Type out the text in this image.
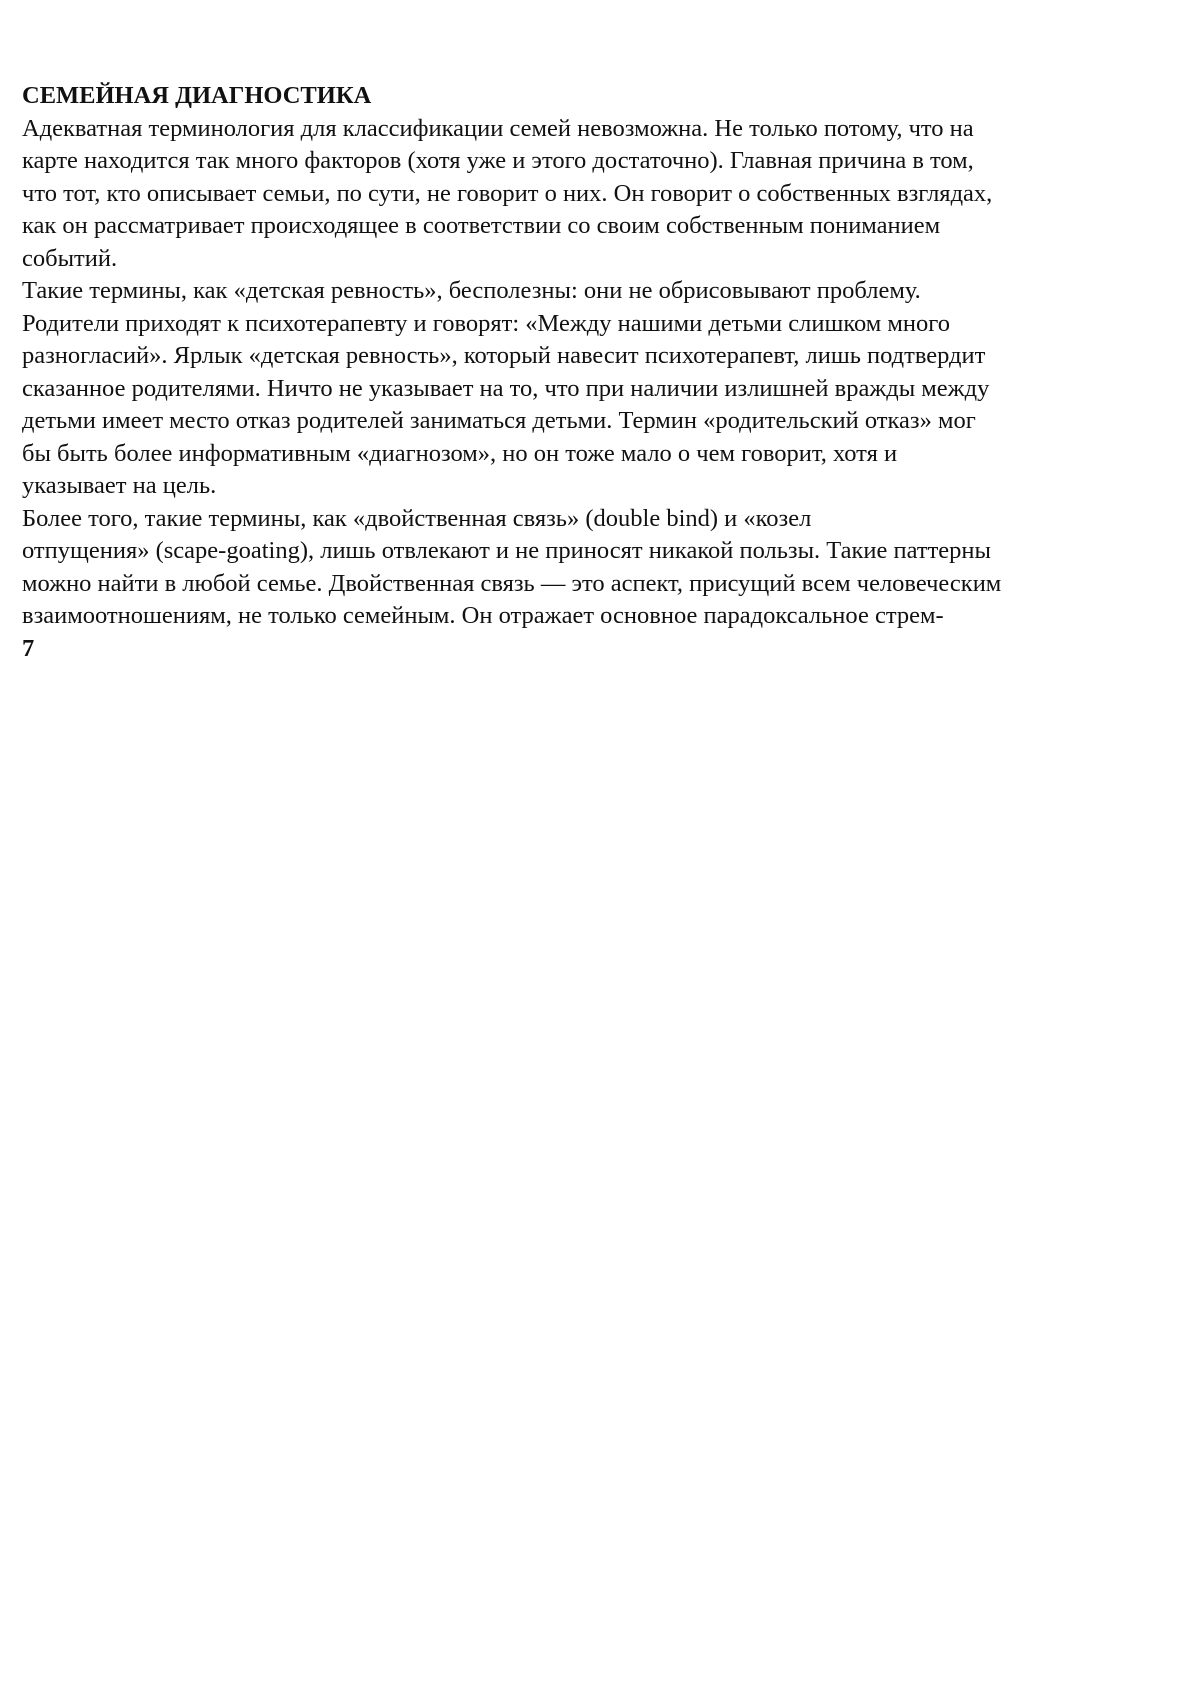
СЕМЕЙНАЯ ДИАГНОСТИКА
Адекватная терминология для классификации семей невозможна. Не только потому, что на
карте находится так много факторов (хотя уже и этого достаточно). Главная причина в том,
что тот, кто описывает семьи, по сути, не говорит о них. Он говорит о собственных взглядах,
как он рассматривает происходящее в соответствии со своим собственным пониманием
событий.
Такие термины, как «детская ревность», бесполезны: они не обрисовывают проблему.
Родители приходят к психотерапевту и говорят: «Между нашими детьми слишком много
разногласий». Ярлык «детская ревность», который навесит психотерапевт, лишь подтвердит
сказанное родителями. Ничто не указывает на то, что при наличии излишней вражды между
детьми имеет место отказ родителей заниматься детьми. Термин «родительский отказ» мог
бы быть более информативным «диагнозом», но он тоже мало о чем говорит, хотя и
указывает на цель.
Более того, такие термины, как «двойственная связь» (double bind) и «козел
отпущения» (scape-goating), лишь отвлекают и не приносят никакой пользы. Такие паттерны
можно найти в любой семье. Двойственная связь — это аспект, присущий всем человеческим
взаимоотношениям, не только семейным. Он отражает основное парадоксальное стрем-
7
